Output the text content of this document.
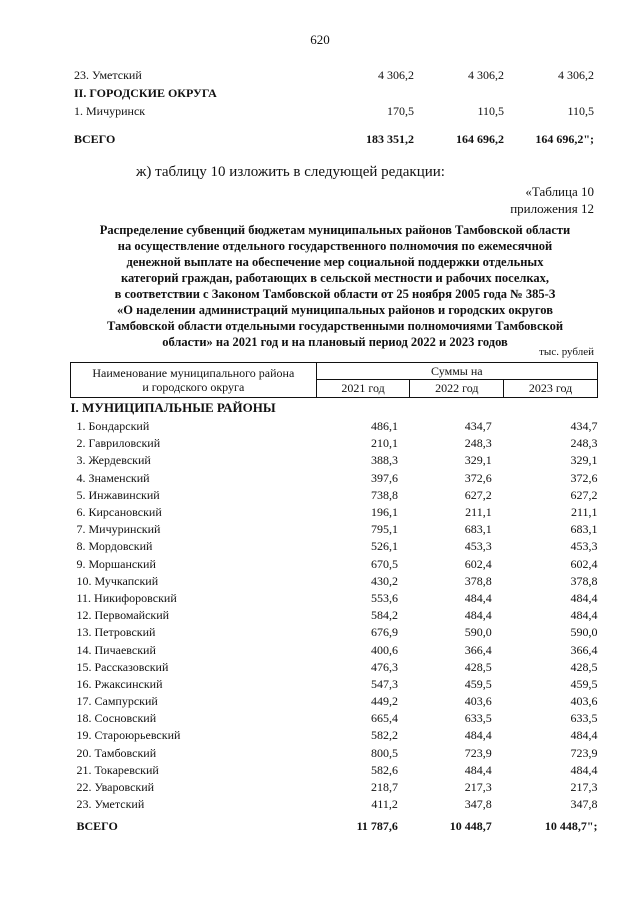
620
23. Уметский	4 306,2	4 306,2	4 306,2
II. ГОРОДСКИЕ ОКРУГА			
1. Мичуринск	170,5	110,5	110,5

ВСЕГО	183 351,2	164 696,2	164 696,2";
ж) таблицу 10 изложить в следующей редакции:
«Таблица 10
приложения 12
Распределение субвенций бюджетам муниципальных районов Тамбовской области
на осуществление отдельного государственного полномочия по ежемесячной
денежной выплате на обеспечение мер социальной поддержки отдельных
категорий граждан, работающих в сельской местности и рабочих поселках,
в соответствии с Законом Тамбовской области от 25 ноября 2005 года № 385-З
«О наделении администраций муниципальных районов и городских округов
Тамбовской области отдельными государственными полномочиями Тамбовской
области» на 2021 год и на плановый период 2022 и 2023 годов
тыс. рублей
Наименование муниципального района
и городского округа	Суммы на		
	2021 год	2022 год	2023 год
I. МУНИЦИПАЛЬНЫЕ РАЙОНЫ			
1. Бондарский	486,1	434,7	434,7
2. Гавриловский	210,1	248,3	248,3
3. Жердевский	388,3	329,1	329,1
4. Знаменский	397,6	372,6	372,6
5. Инжавинский	738,8	627,2	627,2
6. Кирсановский	196,1	211,1	211,1
7. Мичуринский	795,1	683,1	683,1
8. Мордовский	526,1	453,3	453,3
9. Моршанский	670,5	602,4	602,4
10. Мучкапский	430,2	378,8	378,8
11. Никифоровский	553,6	484,4	484,4
12. Первомайский	584,2	484,4	484,4
13. Петровский	676,9	590,0	590,0
14. Пичаевский	400,6	366,4	366,4
15. Рассказовский	476,3	428,5	428,5
16. Ржаксинский	547,3	459,5	459,5
17. Сампурский	449,2	403,6	403,6
18. Сосновский	665,4	633,5	633,5
19. Староюрьевский	582,2	484,4	484,4
20. Тамбовский	800,5	723,9	723,9
21. Токаревский	582,6	484,4	484,4
22. Уваровский	218,7	217,3	217,3
23. Уметский	411,2	347,8	347,8
ВСЕГО	11 787,6	10 448,7	10 448,7";
